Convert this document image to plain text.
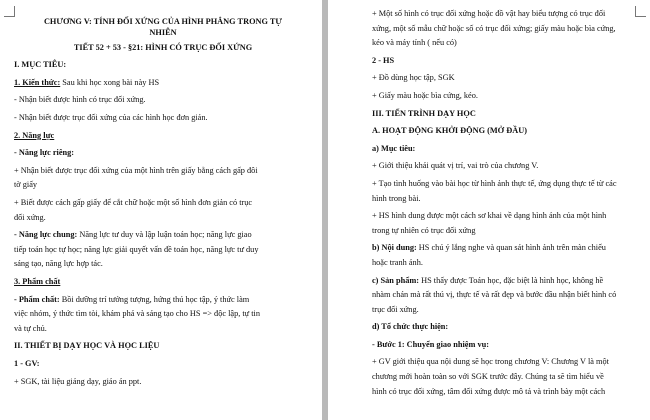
CHƯƠNG V: TÍNH ĐỐI XỨNG CỦA HÌNH PHẲNG TRONG TỰ
NHIÊN
TIẾT 52 + 53 - §21: HÌNH CÓ TRỤC ĐỐI XỨNG
I. MỤC TIÊU:
1. Kiến thức: Sau khi học xong bài này HS
- Nhận biết được hình có trục đối xứng.
- Nhận biết được trục đối xứng của các hình học đơn giản.
2. Năng lực
- Năng lực riêng:
+ Nhận biết được trục đối xứng của một hình trên giấy bằng cách gấp đôi
tờ giấy
+ Biết được cách gấp giấy để cắt chữ hoặc một số hình đơn giản có trục
đối xứng.
- Năng lực chung: Năng lực tư duy và lập luận toán học; năng lực giao
tiếp toán học tự học; năng lực giải quyết vấn đề toán học, năng lực tư duy
sáng tạo, năng lực hợp tác.
3. Phẩm chất
- Phẩm chất: Bồi dưỡng trí tưởng tượng, hứng thú học tập, ý thức làm
việc nhóm, ý thức tìm tòi, khám phá và sáng tạo cho HS => độc lập, tự tin
và tự chủ.
II. THIẾT BỊ DẠY HỌC VÀ HỌC LIỆU
1 - GV:
+ SGK, tài liệu giảng dạy, giáo án ppt.
+ Một số hình có trục đối xứng hoặc đồ vật hay biểu tượng có trục đối
xứng, một số mẫu chữ hoặc số có trục đối xứng; giấy màu hoặc bìa cứng,
kéo và máy tính ( nếu có)
2 - HS
+ Đồ dùng học tập, SGK
+ Giấy màu hoặc bìa cứng, kéo.
III. TIẾN TRÌNH DẠY HỌC
A. HOẠT ĐỘNG KHỞI ĐỘNG (MỞ ĐẦU)
a) Mục tiêu:
+ Giới thiệu khái quát vị trí, vai trò của chương V.
+ Tạo tình huống vào bài học từ hình ảnh thực tế, ứng dụng thực tế từ các
hình trong bài.
+ HS hình dung được một cách sơ khai về dạng hình ảnh của một hình
trong tự nhiên có trục đối xứng
b) Nội dung: HS chú ý lắng nghe và quan sát hình ảnh trên màn chiếu
hoặc tranh ảnh.
c) Sản phẩm: HS thấy được Toán học, đặc biệt là hình học, không hề
nhàm chán mà rất thú vị, thực tế và rất đẹp và bước đầu nhận biết hình có
trục đối xứng.
d) Tổ chức thực hiện:
- Bước 1: Chuyển giao nhiệm vụ:
+ GV giới thiệu qua nội dung sẽ học trong chương V: Chương V là một
chương mới hoàn toàn so với SGK trước đây. Chúng ta sẽ tìm hiểu về
hình có trục đối xứng, tâm đối xứng được mô tả và trình bày một cách
